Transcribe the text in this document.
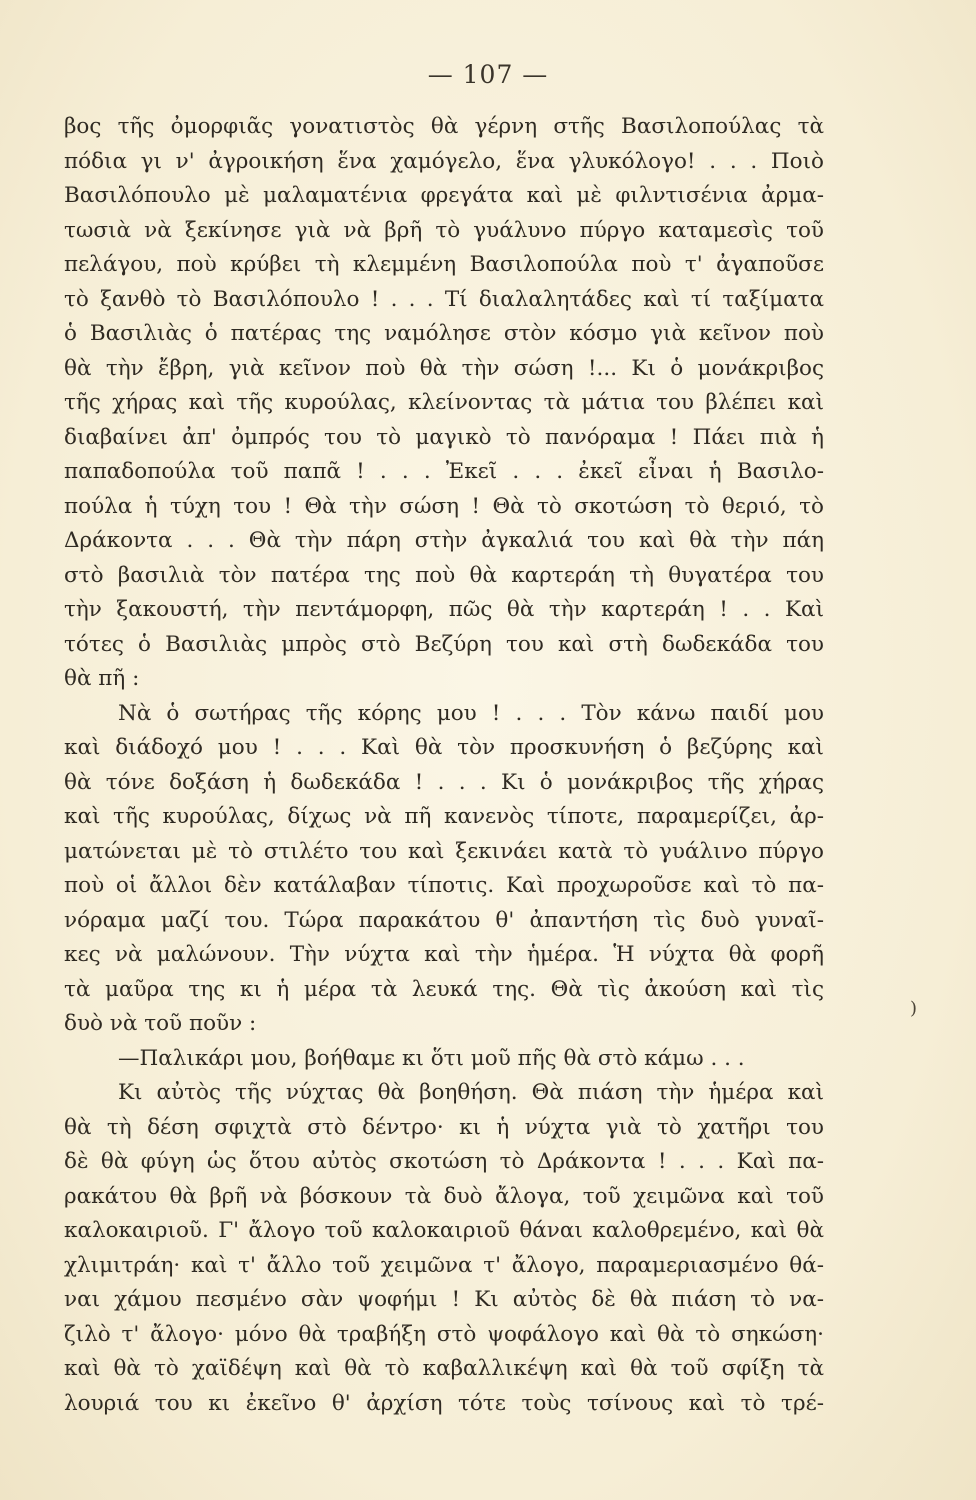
— 107 —
βος τῆς ὀμορφιᾶς γονατιστὸς θὰ γέρνη στῆς Βασιλοπούλας τὰ
πόδια γι ν' ἀγροικήση ἕνα χαμόγελο, ἕνα γλυκόλογο! . . . Ποιὸ
Βασιλόπουλο μὲ μαλαματένια φρεγάτα καὶ μὲ φιλντισένια ἀρμα-
τωσιὰ νὰ ξεκίνησε γιὰ νὰ βρῆ τὸ γυάλυνο πύργο καταμεσὶς τοῦ
πελάγου, ποὺ κρύβει τὴ κλεμμένη Βασιλοπούλα ποὺ τ' ἀγαποῦσε
τὸ ξανθὸ τὸ Βασιλόπουλο ! . . . Τί διαλαλητάδες καὶ τί ταξίματα
ὁ Βασιλιὰς ὁ πατέρας της ναμόλησε στὸν κόσμο γιὰ κεῖνον ποὺ
θὰ τὴν ἔβρη, γιὰ κεῖνον ποὺ θὰ τὴν σώση !... Κι ὁ μονάκριβος
τῆς χήρας καὶ τῆς κυρούλας, κλείνοντας τὰ μάτια του βλέπει καὶ
διαβαίνει ἀπ' ὀμπρός του τὸ μαγικὸ τὸ πανόραμα ! Πάει πιὰ ἡ
παπαδοπούλα τοῦ παπᾶ ! . . . Ἐκεῖ . . . ἐκεῖ εἶναι ἡ Βασιλο-
πούλα ἡ τύχη του ! Θὰ τὴν σώση ! Θὰ τὸ σκοτώση τὸ θεριό, τὸ
Δράκοντα . . . Θὰ τὴν πάρη στὴν ἀγκαλιά του καὶ θὰ τὴν πάη
στὸ βασιλιὰ τὸν πατέρα της ποὺ θὰ καρτεράη τὴ θυγατέρα του
τὴν ξακουστή, τὴν πεντάμορφη, πῶς θὰ τὴν καρτεράη ! . . Καὶ
τότες ὁ Βασιλιὰς μπρὸς στὸ Βεζύρη του καὶ στὴ δωδεκάδα του
θὰ πῆ :
Νὰ ὁ σωτήρας τῆς κόρης μου ! . . . Τὸν κάνω παιδί μου
καὶ διάδοχό μου ! . . . Καὶ θὰ τὸν προσκυνήση ὁ βεζύρης καὶ
θὰ τόνε δοξάση ἡ δωδεκάδα ! . . . Κι ὁ μονάκριβος τῆς χήρας
καὶ τῆς κυρούλας, δίχως νὰ πῆ κανενὸς τίποτε, παραμερίζει, ἀρ-
ματώνεται μὲ τὸ στιλέτο του καὶ ξεκινάει κατὰ τὸ γυάλινο πύργο
ποὺ οἱ ἄλλοι δὲν κατάλαβαν τίποτις. Καὶ προχωροῦσε καὶ τὸ πα-
νόραμα μαζί του. Τώρα παρακάτου θ' ἀπαντήση τὶς δυὸ γυναῖ-
κες νὰ μαλώνουν. Τὴν νύχτα καὶ τὴν ἡμέρα. Ἡ νύχτα θὰ φορῆ
τὰ μαῦρα της κι ἡ μέρα τὰ λευκά της. Θὰ τὶς ἀκούση καὶ τὶς
δυὸ νὰ τοῦ ποῦν :
—Παλικάρι μου, βοήθαμε κι ὅτι μοῦ πῆς θὰ στὸ κάμω . . .
Κι αὐτὸς τῆς νύχτας θὰ βοηθήση. Θὰ πιάση τὴν ἡμέρα καὶ
θὰ τὴ δέση σφιχτὰ στὸ δέντρο· κι ἡ νύχτα γιὰ τὸ χατῆρι του
δὲ θὰ φύγη ὡς ὅτου αὐτὸς σκοτώση τὸ Δράκοντα ! . . . Καὶ πα-
ρακάτου θὰ βρῆ νὰ βόσκουν τὰ δυὸ ἄλογα, τοῦ χειμῶνα καὶ τοῦ
καλοκαιριοῦ. Γ' ἄλογο τοῦ καλοκαιριοῦ θάναι καλοθρεμένο, καὶ θὰ
χλιμιτράη· καὶ τ' ἄλλο τοῦ χειμῶνα τ' ἄλογο, παραμεριασμένο θά-
ναι χάμου πεσμένο σὰν ψοφήμι ! Κι αὐτὸς δὲ θὰ πιάση τὸ να-
ζιλὸ τ' ἄλογο· μόνο θὰ τραβήξη στὸ ψοφάλογο καὶ θὰ τὸ σηκώση·
καὶ θὰ τὸ χαϊδέψη καὶ θὰ τὸ καβαλλικέψη καὶ θὰ τοῦ σφίξη τὰ
λουριά του κι ἐκεῖνο θ' ἀρχίση τότε τοὺς τσίνους καὶ τὸ τρέ-
)
